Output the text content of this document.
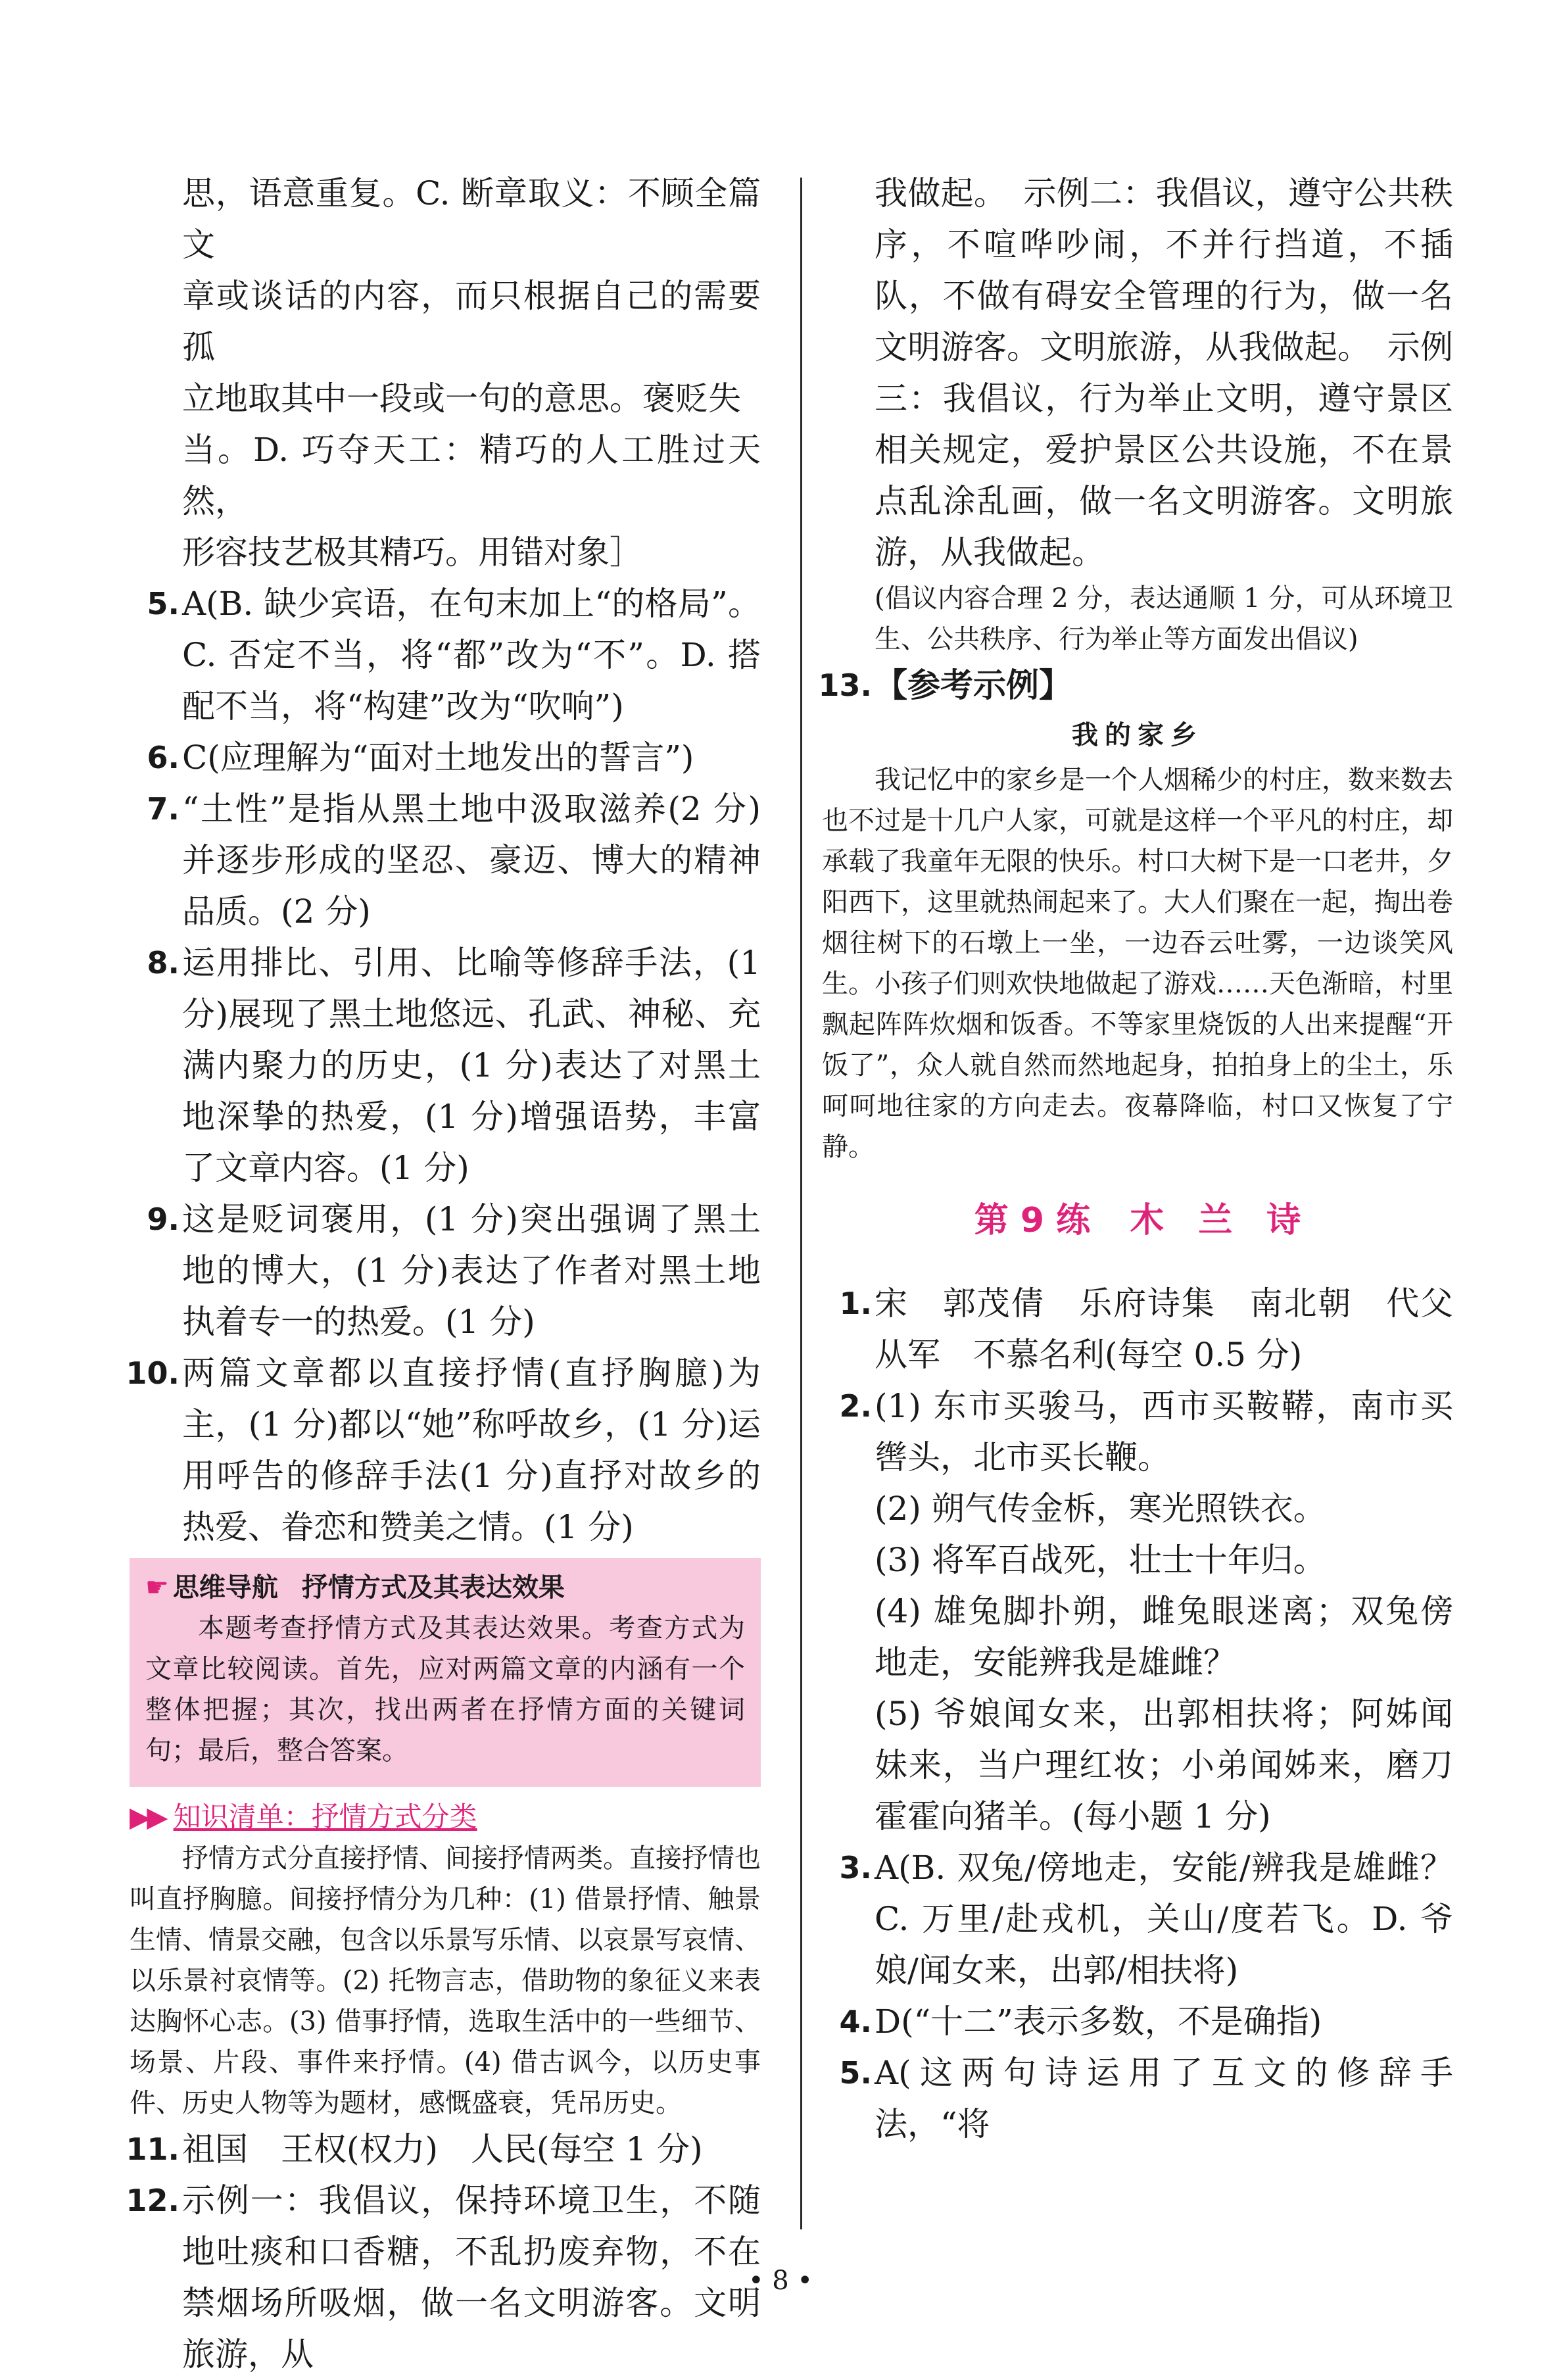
思，语意重复。C. 断章取义：不顾全篇文
章或谈话的内容，而只根据自己的需要孤
立地取其中一段或一句的意思。褒贬失
当。D. 巧夺天工：精巧的人工胜过天然，
形容技艺极其精巧。用错对象］
5. A(B. 缺少宾语，在句末加上“的格局”。C. 否定不当，将“都”改为“不”。D. 搭配不当，将“构建”改为“吹响”)
6. C(应理解为“面对土地发出的誓言”)
7. “土性”是指从黑土地中汲取滋养(2 分)并逐步形成的坚忍、豪迈、博大的精神品质。(2 分)
8. 运用排比、引用、比喻等修辞手法，(1 分)展现了黑土地悠远、孔武、神秘、充满内聚力的历史，(1 分)表达了对黑土地深挚的热爱，(1 分)增强语势，丰富了文章内容。(1 分)
9. 这是贬词褒用，(1 分)突出强调了黑土地的博大，(1 分)表达了作者对黑土地执着专一的热爱。(1 分)
10. 两篇文章都以直接抒情(直抒胸臆)为主，(1 分)都以“她”称呼故乡，(1 分)运用呼告的修辞手法(1 分)直抒对故乡的热爱、眷恋和赞美之情。(1 分)
☛ 思维导航 抒情方式及其表达效果
本题考查抒情方式及其表达效果。考查方式为文章比较阅读。首先，应对两篇文章的内涵有一个整体把握；其次，找出两者在抒情方面的关键词句；最后，整合答案。
▶▶ 知识清单：抒情方式分类
抒情方式分直接抒情、间接抒情两类。直接抒情也叫直抒胸臆。间接抒情分为几种：(1) 借景抒情、触景生情、情景交融，包含以乐景写乐情、以哀景写哀情、以乐景衬哀情等。(2) 托物言志，借助物的象征义来表达胸怀心志。(3) 借事抒情，选取生活中的一些细节、场景、片段、事件来抒情。(4) 借古讽今，以历史事件、历史人物等为题材，感慨盛衰，凭吊历史。
11. 祖国　王权(权力)　人民(每空 1 分)
12. 示例一：我倡议，保持环境卫生，不随地吐痰和口香糖，不乱扔废弃物，不在禁烟场所吸烟，做一名文明游客。文明旅游，从
我做起。　示例二：我倡议，遵守公共秩序，不喧哗吵闹，不并行挡道，不插队，不做有碍安全管理的行为，做一名文明游客。文明旅游，从我做起。　示例三：我倡议，行为举止文明，遵守景区相关规定，爱护景区公共设施，不在景点乱涂乱画，做一名文明游客。文明旅游，从我做起。
(倡议内容合理 2 分，表达通顺 1 分，可从环境卫生、公共秩序、行为举止等方面发出倡议)
13. 【参考示例】
我的家乡
我记忆中的家乡是一个人烟稀少的村庄，数来数去也不过是十几户人家，可就是这样一个平凡的村庄，却承载了我童年无限的快乐。村口大树下是一口老井，夕阳西下，这里就热闹起来了。大人们聚在一起，掏出卷烟往树下的石墩上一坐，一边吞云吐雾，一边谈笑风生。小孩子们则欢快地做起了游戏……天色渐暗，村里飘起阵阵炊烟和饭香。不等家里烧饭的人出来提醒“开饭了”，众人就自然而然地起身，拍拍身上的尘土，乐呵呵地往家的方向走去。夜幕降临，村口又恢复了宁静。
第 9 练 木　兰　诗
1. 宋　郭茂倩　乐府诗集　南北朝　代父从军　不慕名利(每空 0.5 分)
2. (1) 东市买骏马，西市买鞍鞯，南市买辔头，北市买长鞭。
(2) 朔气传金柝，寒光照铁衣。
(3) 将军百战死，壮士十年归。
(4) 雄兔脚扑朔，雌兔眼迷离；双兔傍地走，安能辨我是雄雌？
(5) 爷娘闻女来，出郭相扶将；阿姊闻妹来，当户理红妆；小弟闻姊来，磨刀霍霍向猪羊。(每小题 1 分)
3. A(B. 双兔/傍地走，安能/辨我是雄雌？C. 万里/赴戎机，关山/度若飞。D. 爷娘/闻女来，出郭/相扶将)
4. D(“十二”表示多数，不是确指)
5. A(这两句诗运用了互文的修辞手法，“将
• 8 •
